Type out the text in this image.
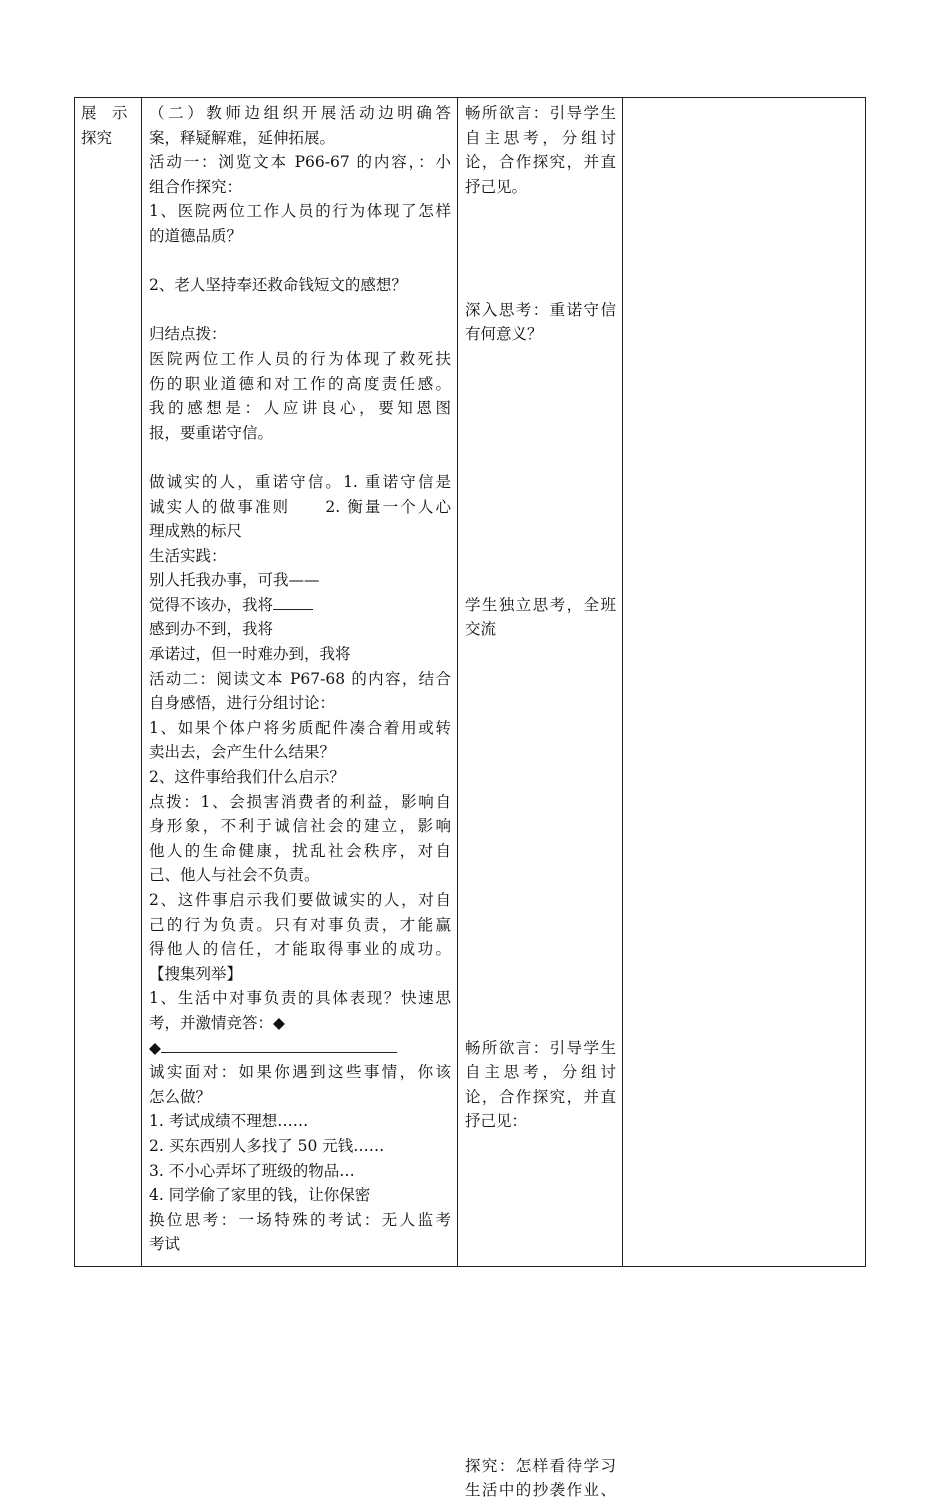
展　示
探究
（二）教师边组织开展活动边明确答
案，释疑解难，延伸拓展。
活动一：浏览文本 P66-67 的内容，：小
组合作探究：
1、医院两位工作人员的行为体现了怎样
的道德品质？
2、老人坚持奉还救命钱短文的感想？
归结点拨：
医院两位工作人员的行为体现了救死扶
伤的职业道德和对工作的高度责任感。
我的感想是：人应讲良心，要知恩图
报，要重诺守信。
做诚实的人，重诺守信。1. 重诺守信是
诚实人的做事准则　　2. 衡量一个人心
理成熟的标尺
生活实践：
别人托我办事，可我——
觉得不该办，我将
感到办不到，我将
承诺过，但一时难办到，我将
活动二：阅读文本 P67-68 的内容，结合
自身感悟，进行分组讨论：
1、如果个体户将劣质配件凑合着用或转
卖出去，会产生什么结果？
2、这件事给我们什么启示？
点拨：1、会损害消费者的利益，影响自
身形象，不利于诚信社会的建立，影响
他人的生命健康，扰乱社会秩序，对自
己、他人与社会不负责。
2、这件事启示我们要做诚实的人，对自
己的行为负责。只有对事负责，才能赢
得他人的信任，才能取得事业的成功。
【搜集列举】
1、生活中对事负责的具体表现？快速思
考，并激情竞答：◆
◆
诚实面对：如果你遇到这些事情，你该
怎么做？
1. 考试成绩不理想……
2. 买东西别人多找了 50 元钱……
3. 不小心弄坏了班级的物品…
4. 同学偷了家里的钱，让你保密
换位思考：一场特殊的考试：无人监考
考试
畅所欲言：引导学生
自主思考，分组讨
论，合作探究，并直
抒己见。
深入思考：重诺守信
有何意义？
学生独立思考，全班
交流
畅所欲言：引导学生
自主思考，分组讨
论，合作探究，并直
抒己见：
探究：怎样看待学习
生活中的抄袭作业、
